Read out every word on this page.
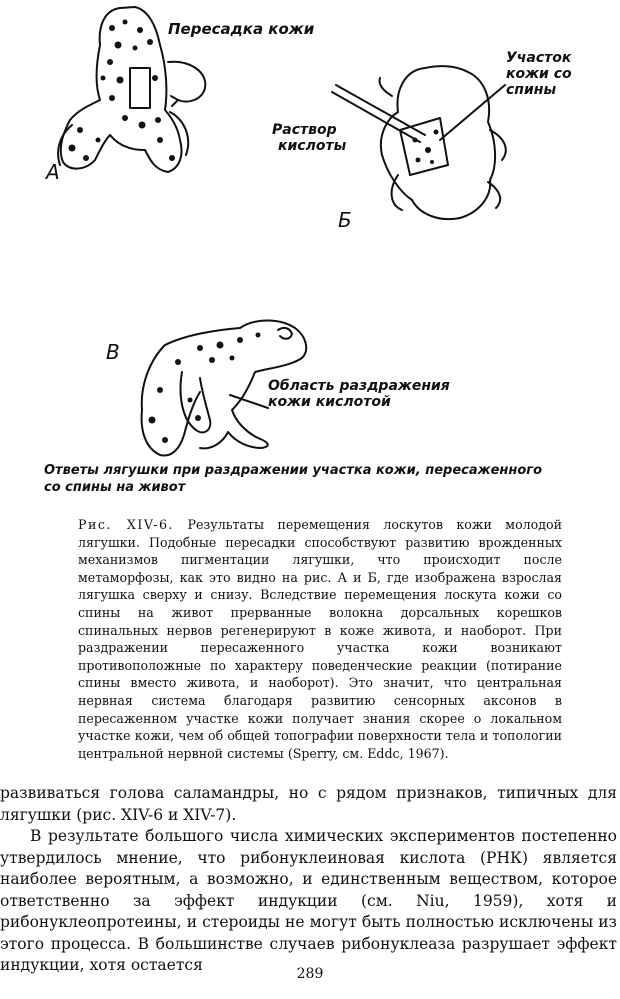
А
Б
В
Пересадка кожи
Участок
кожи со
спины
Раствор
кислоты
Область раздражения
кожи кислотой
Ответы лягушки при раздражении участка кожи, пересаженного со спины на живот
Рис. XIV-6. Результаты перемещения лоскутов кожи молодой лягушки. Подобные пересадки способствуют развитию врожденных механизмов пигментации лягушки, что происходит после метаморфозы, как это видно на рис. А и Б, где изображена взрослая лягушка сверху и снизу. Вследствие перемещения лоскута кожи со спины на живот прерванные волокна дорсальных корешков спинальных нервов регенерируют в коже живота, и наоборот. При раздражении пересаженного участка кожи возникают противоположные по характеру поведенческие реакции (потирание спины вместо живота, и наоборот). Это значит, что центральная нервная система благодаря развитию сенсорных аксонов в пересаженном участке кожи получает знания скорее о локальном участке кожи, чем об общей топографии поверхности тела и топологии центральной нервной системы (Sperry, см. Eddc, 1967).

развиваться голова саламандры, но с рядом признаков, типичных для лягушки (рис. XIV-6 и XIV-7).

В результате большого числа химических экспериментов постепенно утвердилось мнение, что рибонуклеиновая кислота (РНК) является наиболее вероятным, а возможно, и единственным веществом, которое ответственно за эффект индукции (см. Niu, 1959), хотя и рибонуклеопротеины, и стероиды не могут быть полностью исключены из этого процесса. В большинстве случаев рибонуклеаза разрушает эффект индукции, хотя остается	289
